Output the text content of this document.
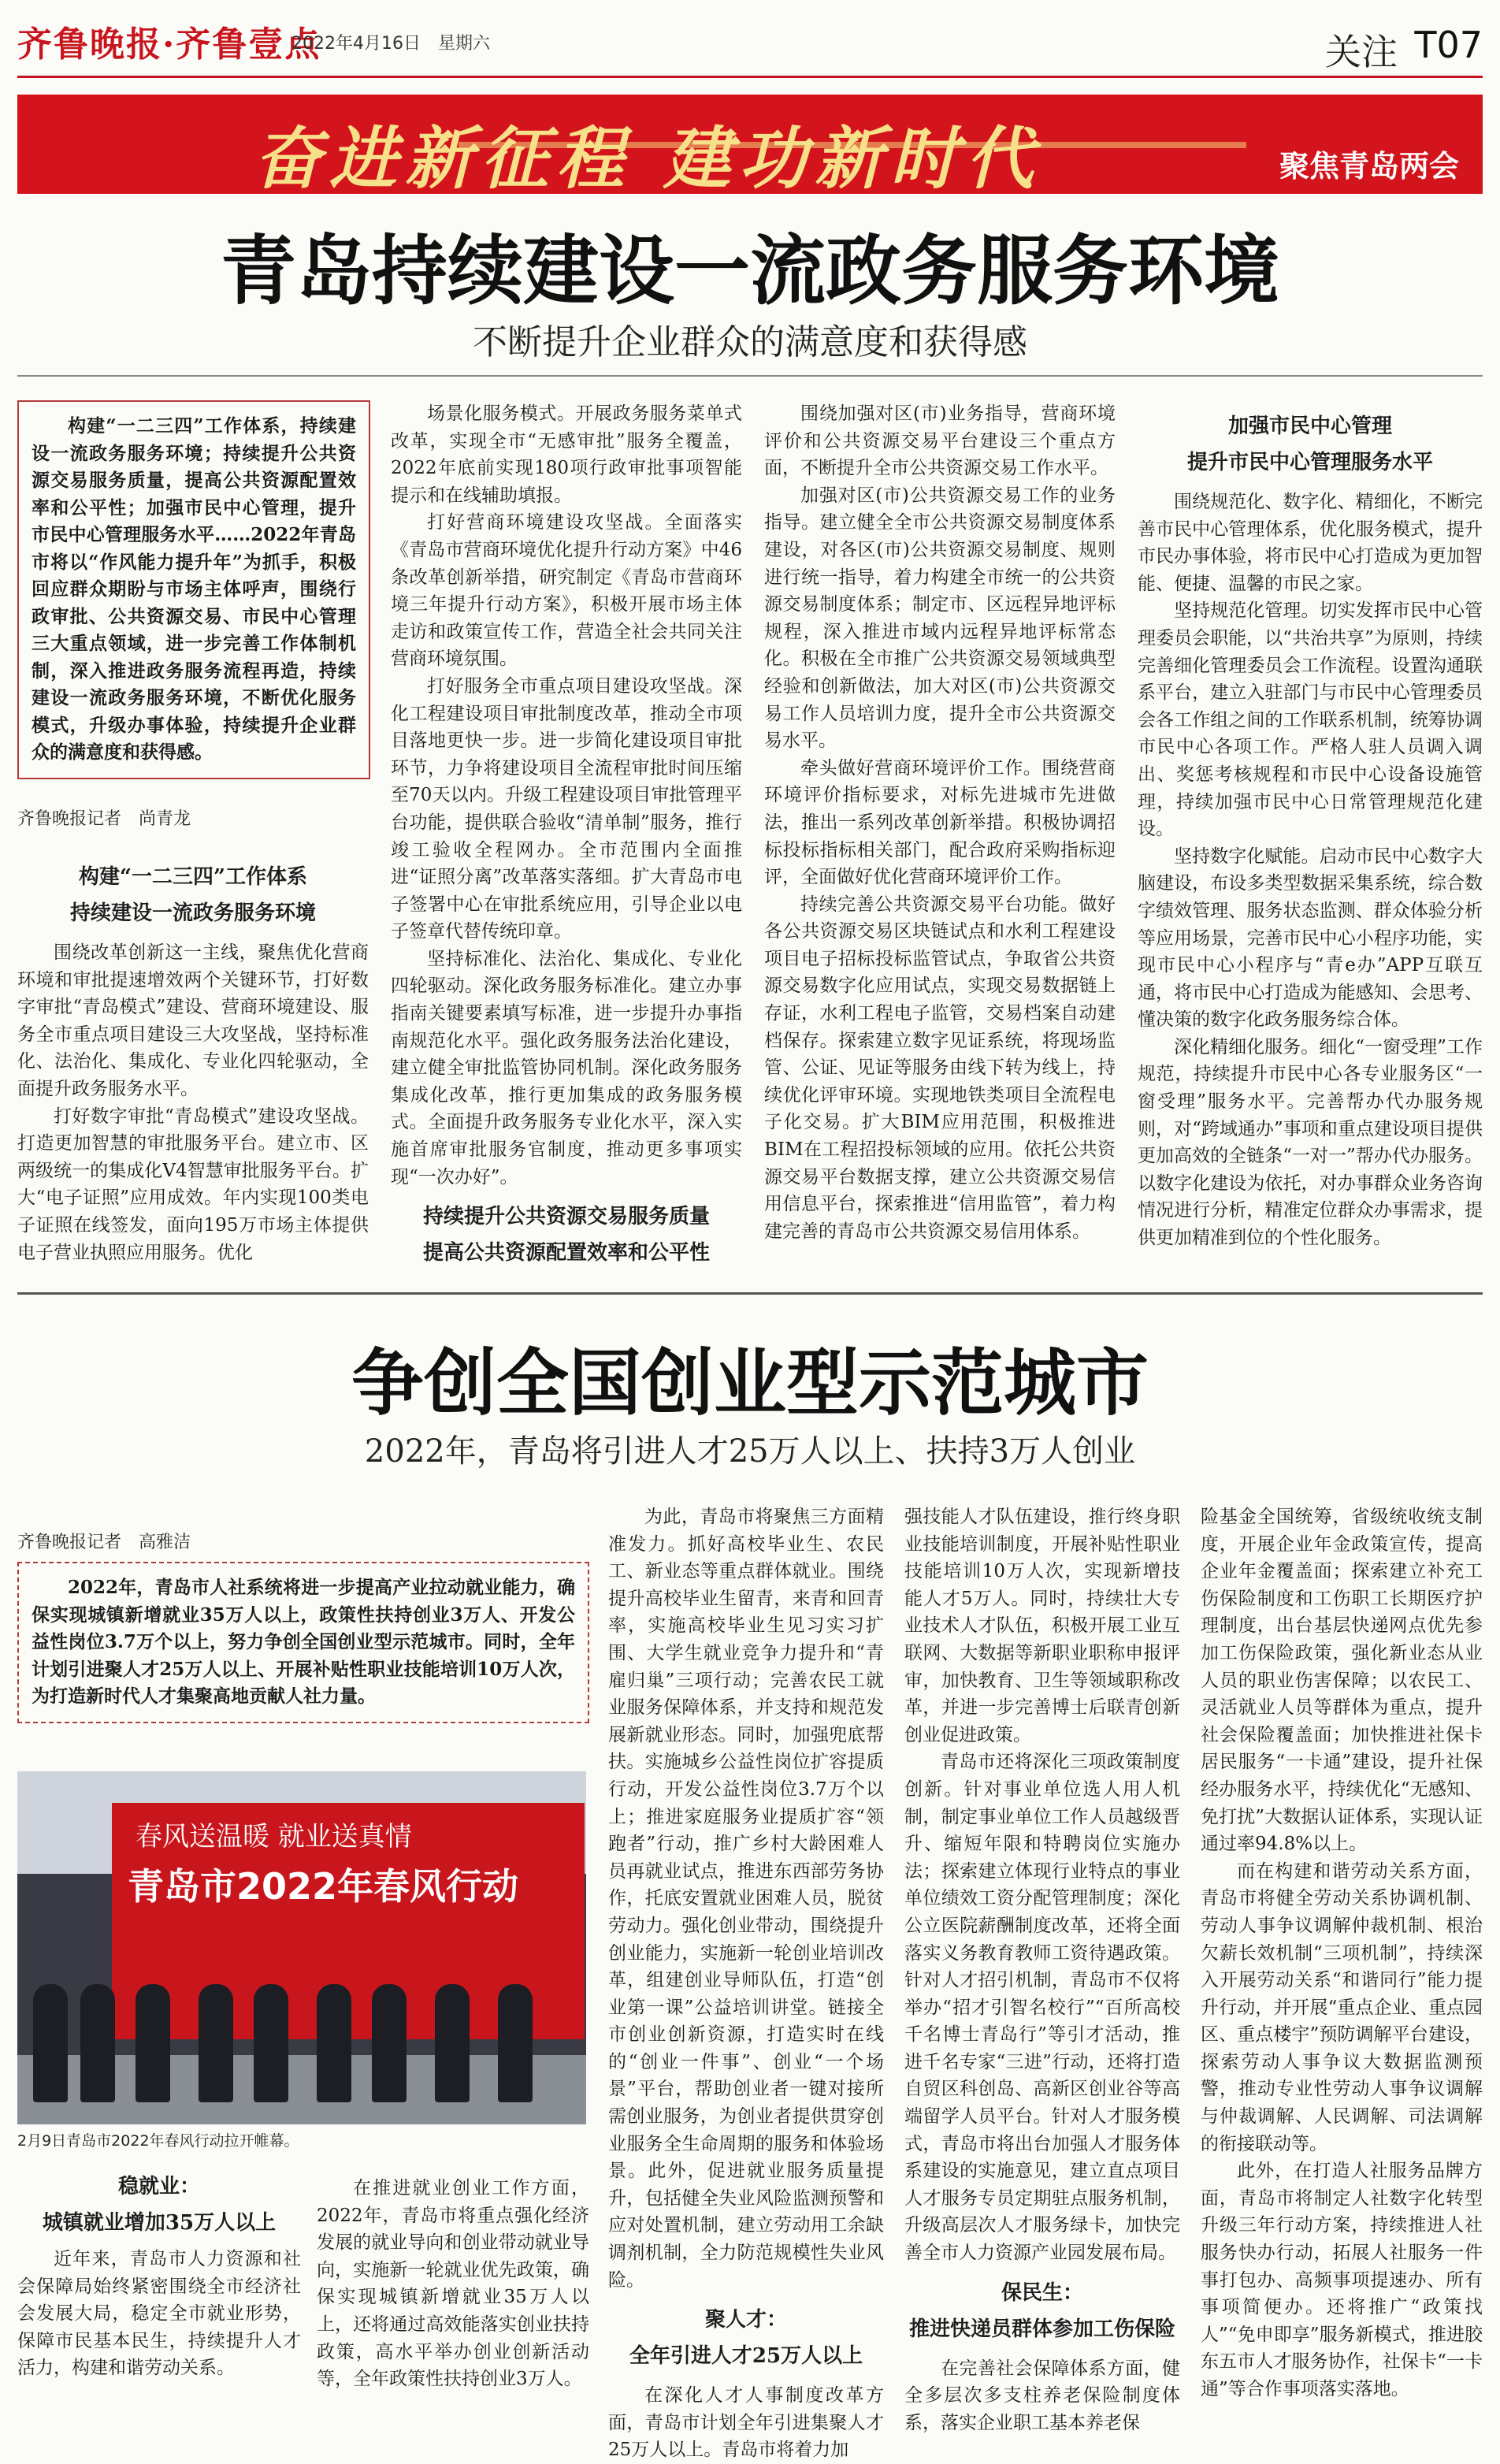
齐鲁晚报·齐鲁壹点
2022年4月16日　 星期六	关注 T07
奋进新征程 建功新时代	聚焦青岛两会
青岛持续建设一流政务服务环境
不断提升企业群众的满意度和获得感

构建“一二三四”工作体系，持续建设一流政务服务环境；持续提升公共资源交易服务质量，提高公共资源配置效率和公平性；加强市民中心管理，提升市民中心管理服务水平……2022年青岛市将以“作风能力提升年”为抓手，积极回应群众期盼与市场主体呼声，围绕行政审批、公共资源交易、市民中心管理三大重点领域，进一步完善工作体制机制，深入推进政务服务流程再造，持续建设一流政务服务环境，不断优化服务模式，升级办事体验，持续提升企业群众的满意度和获得感。

齐鲁晚报记者　 尚青龙
构建“一二三四”工作体系
持续建设一流政务服务环境

围绕改革创新这一主线，聚焦优化营商环境和审批提速增效两个关键环节，打好数字审批“青岛模式”建设、营商环境建设、服务全市重点项目建设三大攻坚战，坚持标准化、法治化、集成化、专业化四轮驱动，全面提升政务服务水平。

打好数字审批“青岛模式”建设攻坚战。打造更加智慧的审批服务平台。建立市、区两级统一的集成化V4智慧审批服务平台。扩大“电子证照”应用成效。年内实现100类电子证照在线签发，面向195万市场主体提供电子营业执照应用服务。优化

场景化服务模式。开展政务服务菜单式改革，实现全市“无感审批”服务全覆盖，2022年底前实现180项行政审批事项智能提示和在线辅助填报。

打好营商环境建设攻坚战。全面落实《青岛市营商环境优化提升行动方案》中46条改革创新举措，研究制定《青岛市营商环境三年提升行动方案》，积极开展市场主体走访和政策宣传工作，营造全社会共同关注营商环境氛围。

打好服务全市重点项目建设攻坚战。深化工程建设项目审批制度改革，推动全市项目落地更快一步。进一步简化建设项目审批环节，力争将建设项目全流程审批时间压缩至70天以内。升级工程建设项目审批管理平台功能，提供联合验收“清单制”服务，推行竣工验收全程网办。全市范围内全面推进“证照分离”改革落实落细。扩大青岛市电子签署中心在审批系统应用，引导企业以电子签章代替传统印章。

坚持标准化、法治化、集成化、专业化四轮驱动。深化政务服务标准化。建立办事指南关键要素填写标准，进一步提升办事指南规范化水平。强化政务服务法治化建设，建立健全审批监管协同机制。深化政务服务集成化改革，推行更加集成的政务服务模式。全面提升政务服务专业化水平，深入实施首席审批服务官制度，推动更多事项实现“一次办好”。

持续提升公共资源交易服务质量
提高公共资源配置效率和公平性

围绕加强对区(市)业务指导，营商环境评价和公共资源交易平台建设三个重点方面，不断提升全市公共资源交易工作水平。

加强对区(市)公共资源交易工作的业务指导。建立健全全市公共资源交易制度体系建设，对各区(市)公共资源交易制度、规则进行统一指导，着力构建全市统一的公共资源交易制度体系；制定市、区远程异地评标规程，深入推进市域内远程异地评标常态化。积极在全市推广公共资源交易领域典型经验和创新做法，加大对区(市)公共资源交易工作人员培训力度，提升全市公共资源交易水平。

牵头做好营商环境评价工作。围绕营商环境评价指标要求，对标先进城市先进做法，推出一系列改革创新举措。积极协调招标投标指标相关部门，配合政府采购指标迎评，全面做好优化营商环境评价工作。

持续完善公共资源交易平台功能。做好各公共资源交易区块链试点和水利工程建设项目电子招标投标监管试点，争取省公共资源交易数字化应用试点，实现交易数据链上存证，水利工程电子监管，交易档案自动建档保存。探索建立数字见证系统，将现场监管、公证、见证等服务由线下转为线上，持续优化评审环境。实现地铁类项目全流程电子化交易。扩大BIM应用范围，积极推进BIM在工程招投标领域的应用。依托公共资源交易平台数据支撑，建立公共资源交易信用信息平台，探索推进“信用监管”，着力构建完善的青岛市公共资源交易信用体系。

加强市民中心管理
提升市民中心管理服务水平

围绕规范化、数字化、精细化，不断完善市民中心管理体系，优化服务模式，提升市民办事体验，将市民中心打造成为更加智能、便捷、温馨的市民之家。

坚持规范化管理。切实发挥市民中心管理委员会职能，以“共治共享”为原则，持续完善细化管理委员会工作流程。设置沟通联系平台，建立入驻部门与市民中心管理委员会各工作组之间的工作联系机制，统筹协调市民中心各项工作。严格人驻人员调入调出、奖惩考核规程和市民中心设备设施管理，持续加强市民中心日常管理规范化建设。

坚持数字化赋能。启动市民中心数字大脑建设，布设多类型数据采集系统，综合数字绩效管理、服务状态监测、群众体验分析等应用场景，完善市民中心小程序功能，实现市民中心小程序与“青e办”APP互联互通，将市民中心打造成为能感知、会思考、懂决策的数字化政务服务综合体。

深化精细化服务。细化“一窗受理”工作规范，持续提升市民中心各专业服务区“一窗受理”服务水平。完善帮办代办服务规则，对“跨域通办”事项和重点建设项目提供更加高效的全链条“一对一”帮办代办服务。以数字化建设为依托，对办事群众业务咨询情况进行分析，精准定位群众办事需求，提供更加精准到位的个性化服务。

争创全国创业型示范城市
2022年，青岛将引进人才25万人以上、扶持3万人创业
齐鲁晚报记者　 高雅洁

2022年，青岛市人社系统将进一步提高产业拉动就业能力，确保实现城镇新增就业35万人以上，政策性扶持创业3万人、开发公益性岗位3.7万个以上，努力争创全国创业型示范城市。同时，全年计划引进聚人才25万人以上、开展补贴性职业技能培训10万人次，为打造新时代人才集聚高地贡献人社力量。

春风送温暖 就业送真情
青岛市2022年春风行动
2月9日青岛市2022年春风行动拉开帷幕。
稳就业：
城镇就业增加35万人以上

近年来，青岛市人力资源和社会保障局始终紧密围绕全市经济社会发展大局，稳定全市就业形势，保障市民基本民生，持续提升人才活力，构建和谐劳动关系。

在推进就业创业工作方面，2022年，青岛市将重点强化经济发展的就业导向和创业带动就业导向，实施新一轮就业优先政策，确保实现城镇新增就业35万人以上，还将通过高效能落实创业扶持政策，高水平举办创业创新活动等，全年政策性扶持创业3万人。

为此，青岛市将聚焦三方面精准发力。抓好高校毕业生、农民工、新业态等重点群体就业。围绕提升高校毕业生留青，来青和回青率，实施高校毕业生见习实习扩围、大学生就业竞争力提升和“青雇归巢”三项行动；完善农民工就业服务保障体系，并支持和规范发展新就业形态。同时，加强兜底帮扶。实施城乡公益性岗位扩容提质行动，开发公益性岗位3.7万个以上；推进家庭服务业提质扩容“领跑者”行动，推广乡村大龄困难人员再就业试点，推进东西部劳务协作，托底安置就业困难人员，脱贫劳动力。强化创业带动，围绕提升创业能力，实施新一轮创业培训改革，组建创业导师队伍，打造“创业第一课”公益培训讲堂。链接全市创业创新资源，打造实时在线的“创业一件事”、创业“一个场景”平台，帮助创业者一键对接所需创业服务，为创业者提供贯穿创业服务全生命周期的服务和体验场景。此外，促进就业服务质量提升，包括健全失业风险监测预警和应对处置机制，建立劳动用工余缺调剂机制，全力防范规模性失业风险。

聚人才：
全年引进人才25万人以上

在深化人才人事制度改革方面，青岛市计划全年引进集聚人才25万人以上。青岛市将着力加

强技能人才队伍建设，推行终身职业技能培训制度，开展补贴性职业技能培训10万人次，实现新增技能人才5万人。同时，持续壮大专业技术人才队伍，积极开展工业互联网、大数据等新职业职称申报评审，加快教育、卫生等领域职称改革，并进一步完善博士后联青创新创业促进政策。

青岛市还将深化三项政策制度创新。针对事业单位选人用人机制，制定事业单位工作人员越级晋升、缩短年限和特聘岗位实施办法；探索建立体现行业特点的事业单位绩效工资分配管理制度；深化公立医院薪酬制度改革，还将全面落实义务教育教师工资待遇政策。针对人才招引机制，青岛市不仅将举办“招才引智名校行”“百所高校千名博士青岛行”等引才活动，推进千名专家“三进”行动，还将打造自贸区科创岛、高新区创业谷等高端留学人员平台。针对人才服务模式，青岛市将出台加强人才服务体系建设的实施意见，建立直点项目人才服务专员定期驻点服务机制，升级高层次人才服务绿卡，加快完善全市人力资源产业园发展布局。

保民生：
推进快递员群体参加工伤保险

在完善社会保障体系方面，健全多层次多支柱养老保险制度体系，落实企业职工基本养老保

险基金全国统筹，省级统收统支制度，开展企业年金政策宣传，提高企业年金覆盖面；探索建立补充工伤保险制度和工伤职工长期医疗护理制度，出台基层快递网点优先参加工伤保险政策，强化新业态从业人员的职业伤害保障；以农民工、灵活就业人员等群体为重点，提升社会保险覆盖面；加快推进社保卡居民服务“一卡通”建设，提升社保经办服务水平，持续优化“无感知、免打扰”大数据认证体系，实现认证通过率94.8%以上。

而在构建和谐劳动关系方面，青岛市将健全劳动关系协调机制、劳动人事争议调解仲裁机制、根治欠薪长效机制“三项机制”，持续深入开展劳动关系“和谐同行”能力提升行动，并开展“重点企业、重点园区、重点楼宇”预防调解平台建设，探索劳动人事争议大数据监测预警，推动专业性劳动人事争议调解与仲裁调解、人民调解、司法调解的衔接联动等。

此外，在打造人社服务品牌方面，青岛市将制定人社数字化转型升级三年行动方案，持续推进人社服务快办行动，拓展人社服务一件事打包办、高频事项提速办、所有事项简便办。还将推广“政策找人”“免申即享”服务新模式，推进胶东五市人才服务协作，社保卡“一卡通”等合作事项落实落地。
